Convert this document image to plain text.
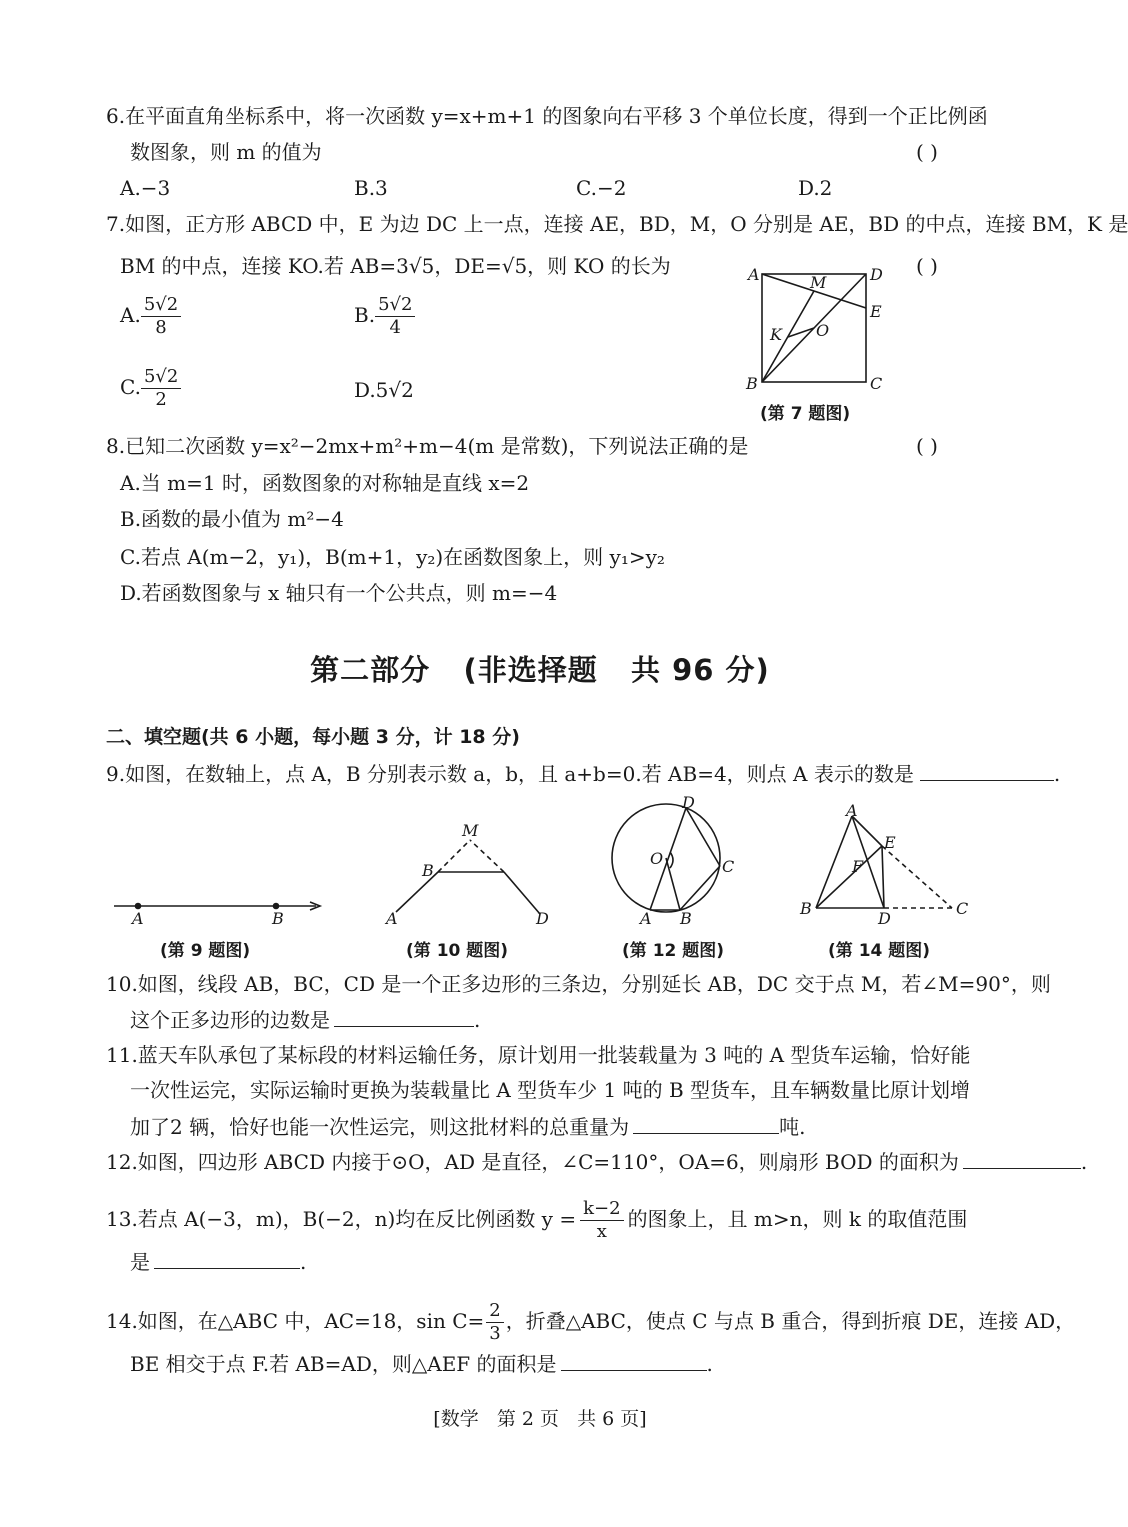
6.在平面直角坐标系中，将一次函数 y=x+m+1 的图象向右平移 3 个单位长度，得到一个正比例函
数图象，则 m 的值为	( )
A.−3	B.3	C.−2	D.2
7.如图，正方形 ABCD 中，E 为边 DC 上一点，连接 AE，BD，M，O 分别是 AE，BD 的中点，连接 BM，K 是
BM 的中点，连接 KO.若 AB=3√5，DE=√5，则 KO 的长为	( )
A. $\frac{5√2}{8}$	B. $\frac{5√2}{4}$
C. $\frac{5√2}{2}$	D.5√2
A	D
M
E
K O
B	C
(第 7 题图)
8.已知二次函数 y=x²−2mx+m²+m−4(m 是常数)，下列说法正确的是	( )
A.当 m=1 时，函数图象的对称轴是直线 x=2
B.函数的最小值为 m²−4
C.若点 A(m−2，y₁)，B(m+1，y₂)在函数图象上，则 y₁>y₂
D.若函数图象与 x 轴只有一个公共点，则 m=−4
第二部分   (非选择题   共 96 分)
二、填空题(共 6 小题，每小题 3 分，计 18 分)
9.如图，在数轴上，点 A，B 分别表示数 a，b，且 a+b=0.若 AB=4，则点 A 表示的数是	.
A	B
(第 9 题图)
M
B
A	D
(第 10 题图)
D
O	C
A B
(第 12 题图)
A
E
F
B
D
C
(第 14 题图)
10.如图，线段 AB，BC，CD 是一个正多边形的三条边，分别延长 AB，DC 交于点 M，若∠M=90°，则
这个正多边形的边数是	.
11.蓝天车队承包了某标段的材料运输任务，原计划用一批装载量为 3 吨的 A 型货车运输，恰好能
一次性运完，实际运输时更换为装载量比 A 型货车少 1 吨的 B 型货车，且车辆数量比原计划增
加了2 辆，恰好也能一次性运完，则这批材料的总重量为	吨.
12.如图，四边形 ABCD 内接于⊙O，AD 是直径，∠C=110°，OA=6，则扇形 BOD 的面积为	.
13.若点 A(−3，m)，B(−2，n)均在反比例函数 $y = \frac{k-2}{x}$ 的图象上，且 m>n，则 k 的取值范围
是	.
14.如图，在△ABC 中，AC=18，$\sin C= \frac{2}{3}$ ，折叠△ABC，使点 C 与点 B 重合，得到折痕 DE，连接 AD，
BE 相交于点 F.若 AB=AD，则△AEF 的面积是	.
[数学   第 2 页   共 6 页]
